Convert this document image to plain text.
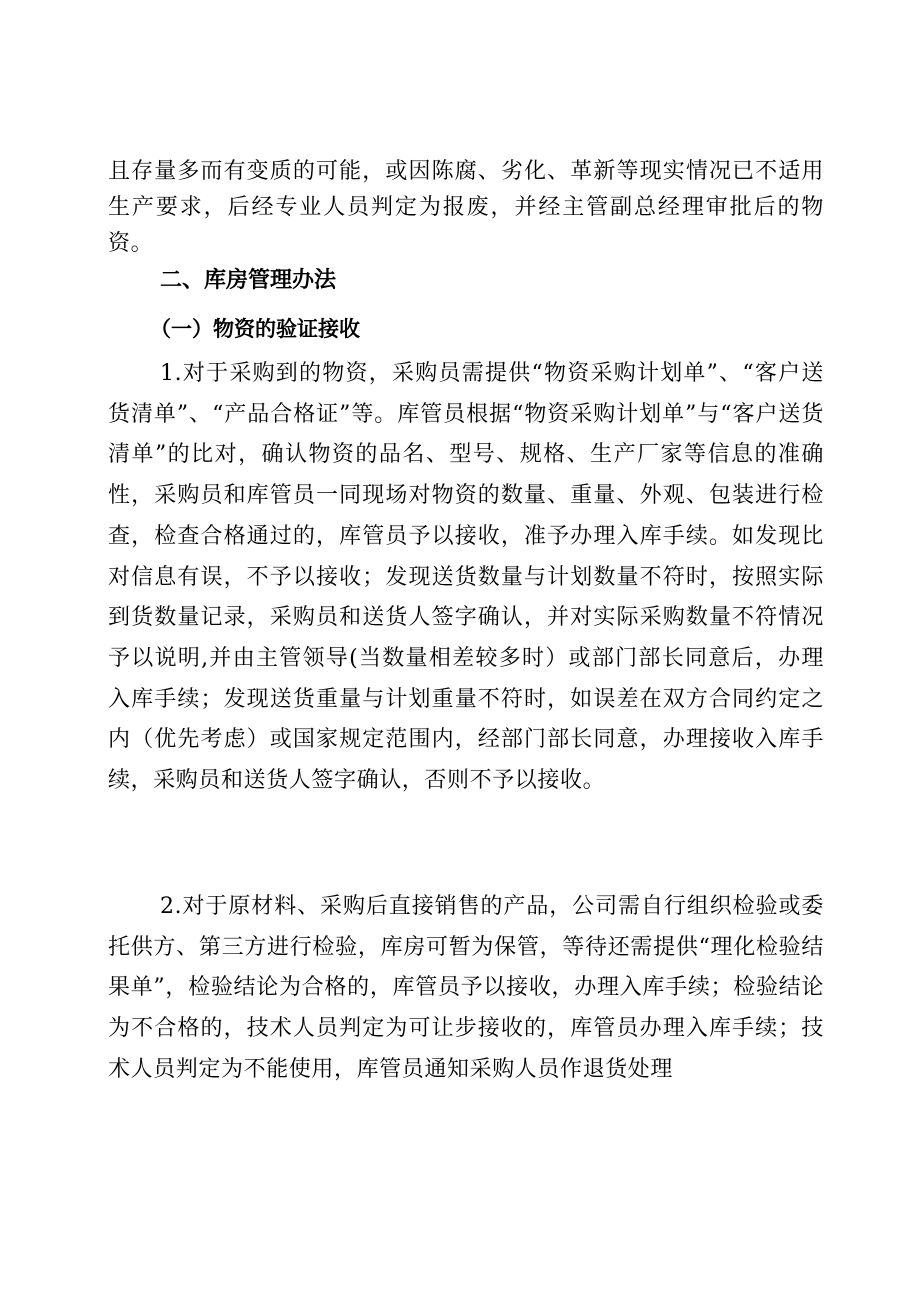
且存量多而有变质的可能，或因陈腐、劣化、革新等现实情况已不适用生产要求，后经专业人员判定为报废，并经主管副总经理审批后的物资。

二、库房管理办法
（一）物资的验证接收

1.对于采购到的物资，采购员需提供“物资采购计划单”、“客户送货清单”、“产品合格证”等。库管员根据“物资采购计划单”与“客户送货清单”的比对，确认物资的品名、型号、规格、生产厂家等信息的准确性，采购员和库管员一同现场对物资的数量、重量、外观、包装进行检查，检查合格通过的，库管员予以接收，准予办理入库手续。如发现比对信息有误，不予以接收；发现送货数量与计划数量不符时，按照实际到货数量记录，采购员和送货人签字确认，并对实际采购数量不符情况予以说明,并由主管领导(当数量相差较多时）或部门部长同意后，办理入库手续；发现送货重量与计划重量不符时，如误差在双方合同约定之内（优先考虑）或国家规定范围内，经部门部长同意，办理接收入库手续，采购员和送货人签字确认，否则不予以接收。

2.对于原材料、采购后直接销售的产品，公司需自行组织检验或委托供方、第三方进行检验，库房可暂为保管，等待还需提供“理化检验结果单”，检验结论为合格的，库管员予以接收，办理入库手续；检验结论为不合格的，技术人员判定为可让步接收的，库管员办理入库手续；技术人员判定为不能使用，库管员通知采购人员作退货处理
